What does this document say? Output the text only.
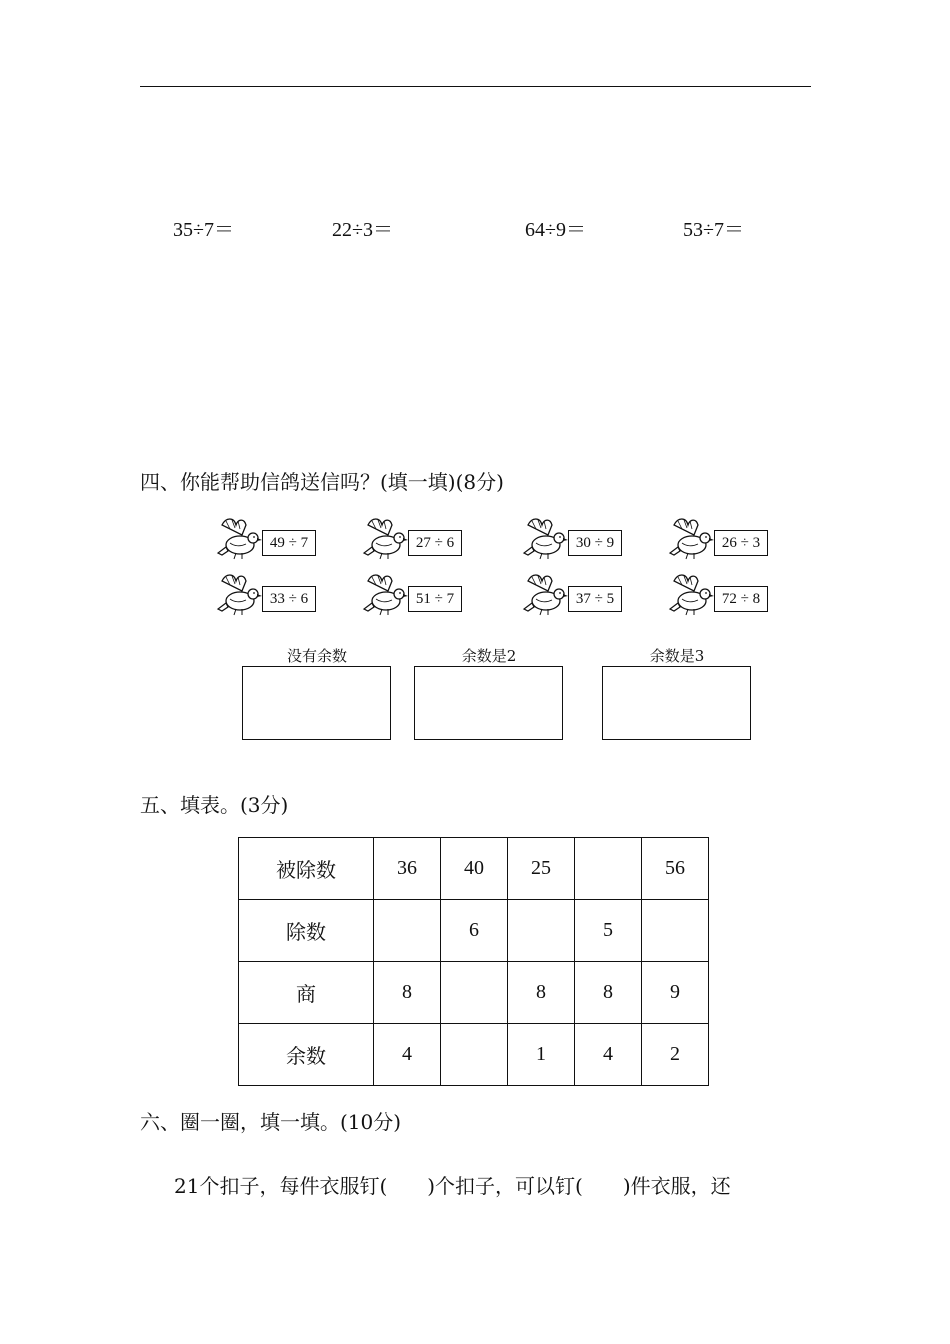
35÷7＝	22÷3＝	64÷9＝	53÷7＝
四、你能帮助信鸽送信吗？(填一填)(8分)
49 ÷ 7	27 ÷ 6	30 ÷ 9	26 ÷ 3
33 ÷ 6	51 ÷ 7	37 ÷ 5	72 ÷ 8
没有余数	余数是2	余数是3
五、填表。(3分)
被除数	36	40	25		56
除数		6		5	
商	8		8	8	9
余数	4		1	4	2
六、圈一圈，填一填。(10分)
21个扣子，每件衣服钉(　　)个扣子，可以钉(　　)件衣服，还
